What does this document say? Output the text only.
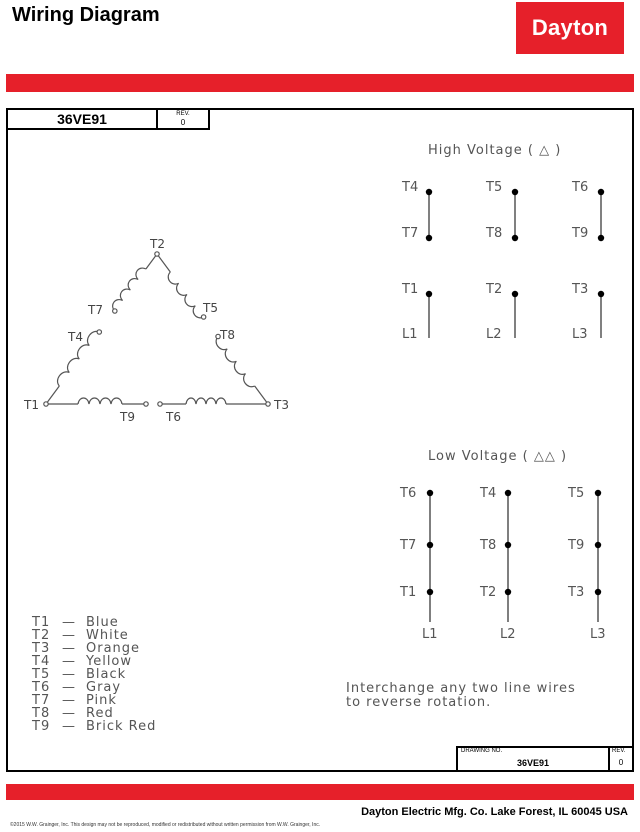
Wiring Diagram	Dayton
36VE91	REV.
0
T2
T1	T3
T7
T4
T5
T8
T9	T6
T4
T7
T1
L1
T5
T8
T2
L2
T6
T9
T3
L3
T6
T7
T1
L1
T4
T8
T2
L2
T5
T9
T3
L3
High Voltage ( △ )
Low Voltage ( △△ )
T1 — Blue
T2 — White
T3 — Orange
T4 — Yellow
T5 — Black
T6 — Gray
T7 — Pink
T8 — Red
T9 — Brick Red
Interchange any two line wires
to reverse rotation.
DRAWING NO.
36VE91
REV.
0
Dayton Electric Mfg. Co. Lake Forest, IL 60045 USA
©2015 W.W. Grainger, Inc. This design may not be reproduced, modified or redistributed without written permission from W.W. Grainger, Inc.
